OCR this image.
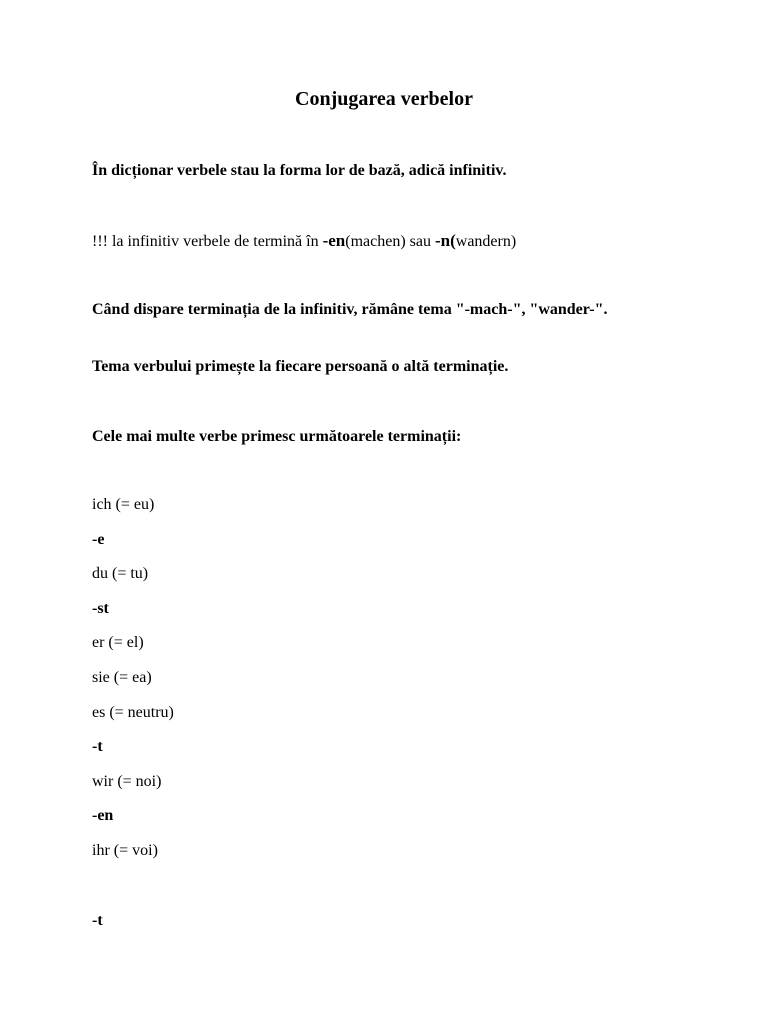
Conjugarea verbelor

În dicționar verbele stau la forma lor de bază, adică infinitiv.

!!! la infinitiv verbele de termină în -en(machen) sau -n(wandern)

Când dispare terminația de la infinitiv, rămâne tema "-mach-", "wander-".

Tema verbului primește la fiecare persoană o altă terminație.

Cele mai multe verbe primesc următoarele terminații:

ich (= eu)

-e

du (= tu)

-st

er (= el)

sie (= ea)

es (= neutru)

-t

wir (= noi)

-en

ihr (= voi)

-t
